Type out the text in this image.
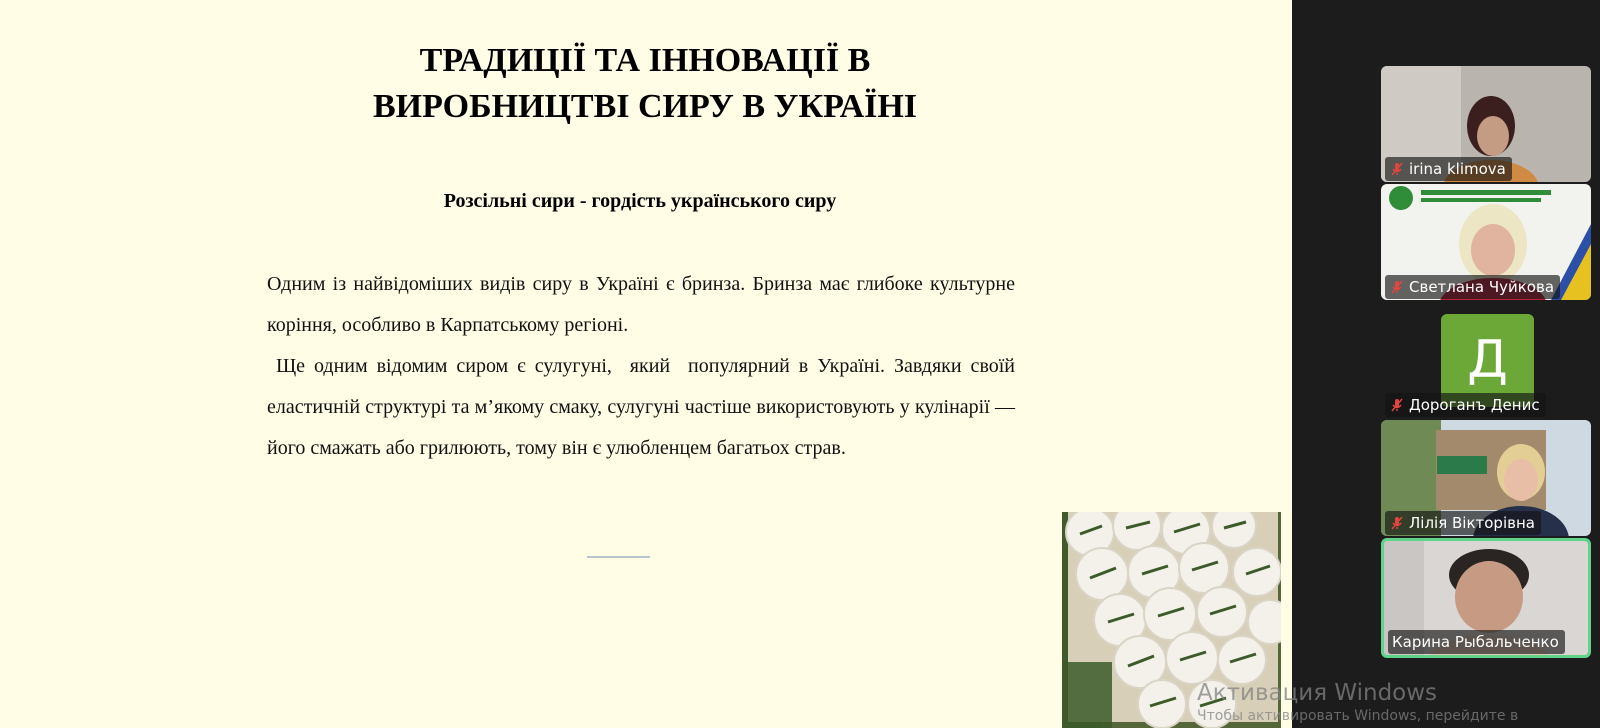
ТРАДИЦІЇ ТА ІННОВАЦІЇ В
ВИРОБНИЦТВІ СИРУ В УКРАЇНІ
Розсільні сири - гордість українського сиру

Одним із найвідоміших видів сиру в Україні є бринза. Бринза має глибоке культурне коріння, особливо в Карпатському регіоні.

Ще одним відомим сиром є сулугуні,  який  популярний в Україні. Завдяки своїй еластичній структурі та м’якому смаку, сулугуні частіше використовують у кулінарії — його смажать або грилюють, тому він є улюбленцем багатьох страв.

irina klimova
Светлана Чуйкова
Д
Дороганъ Денис
Лілія Вікторівна
Карина Рыбальченко
Активация Windows
Чтобы активировать Windows, перейдите в
